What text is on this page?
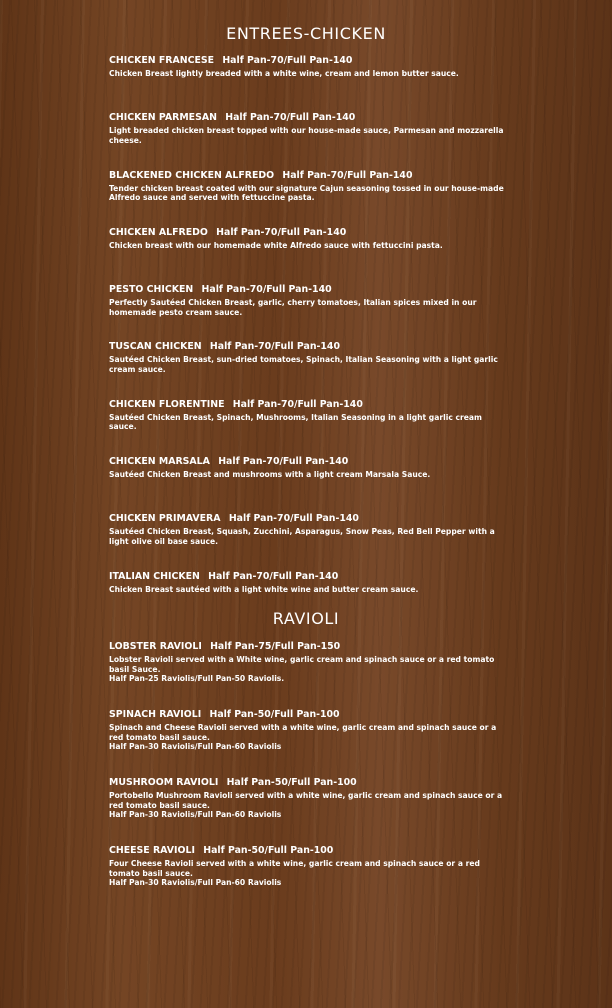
ENTREES-CHICKEN
CHICKEN FRANCESE Half Pan-70/Full Pan-140
Chicken Breast lightly breaded with a white wine, cream and lemon butter sauce.
CHICKEN PARMESAN Half Pan-70/Full Pan-140
Light breaded chicken breast topped with our house-made sauce, Parmesan and mozzarella cheese.
BLACKENED CHICKEN ALFREDO Half Pan-70/Full Pan-140
Tender chicken breast coated with our signature Cajun seasoning tossed in our house-made Alfredo sauce and served with fettuccine pasta.
CHICKEN ALFREDO Half Pan-70/Full Pan-140
Chicken breast with our homemade white Alfredo sauce with fettuccini pasta.
PESTO CHICKEN Half Pan-70/Full Pan-140
Perfectly Sautéed Chicken Breast, garlic, cherry tomatoes, Italian spices mixed in our homemade pesto cream sauce.
TUSCAN CHICKEN Half Pan-70/Full Pan-140
Sautéed Chicken Breast, sun-dried tomatoes, Spinach, Italian Seasoning with a light garlic cream sauce.
CHICKEN FLORENTINE Half Pan-70/Full Pan-140
Sautéed Chicken Breast, Spinach, Mushrooms, Italian Seasoning in a light garlic cream sauce.
CHICKEN MARSALA Half Pan-70/Full Pan-140
Sautéed Chicken Breast and mushrooms with a light cream Marsala Sauce.
CHICKEN PRIMAVERA Half Pan-70/Full Pan-140
Sautéed Chicken Breast, Squash, Zucchini, Asparagus, Snow Peas, Red Bell Pepper with a light olive oil base sauce.
ITALIAN CHICKEN Half Pan-70/Full Pan-140
Chicken Breast sautéed with a light white wine and butter cream sauce.
RAVIOLI
LOBSTER RAVIOLI Half Pan-75/Full Pan-150
Lobster Ravioli served with a White wine, garlic cream and spinach sauce or a red tomato basil Sauce.
Half Pan-25 Raviolis/Full Pan-50 Raviolis.
SPINACH RAVIOLI Half Pan-50/Full Pan-100
Spinach and Cheese Ravioli served with a white wine, garlic cream and spinach sauce or a red tomato basil sauce.
Half Pan-30 Raviolis/Full Pan-60 Raviolis
MUSHROOM RAVIOLI Half Pan-50/Full Pan-100
Portobello Mushroom Ravioli served with a white wine, garlic cream and spinach sauce or a red tomato basil sauce.
Half Pan-30 Raviolis/Full Pan-60 Raviolis
CHEESE RAVIOLI Half Pan-50/Full Pan-100
Four Cheese Ravioli served with a white wine, garlic cream and spinach sauce or a red tomato basil sauce.
Half Pan-30 Raviolis/Full Pan-60 Raviolis
